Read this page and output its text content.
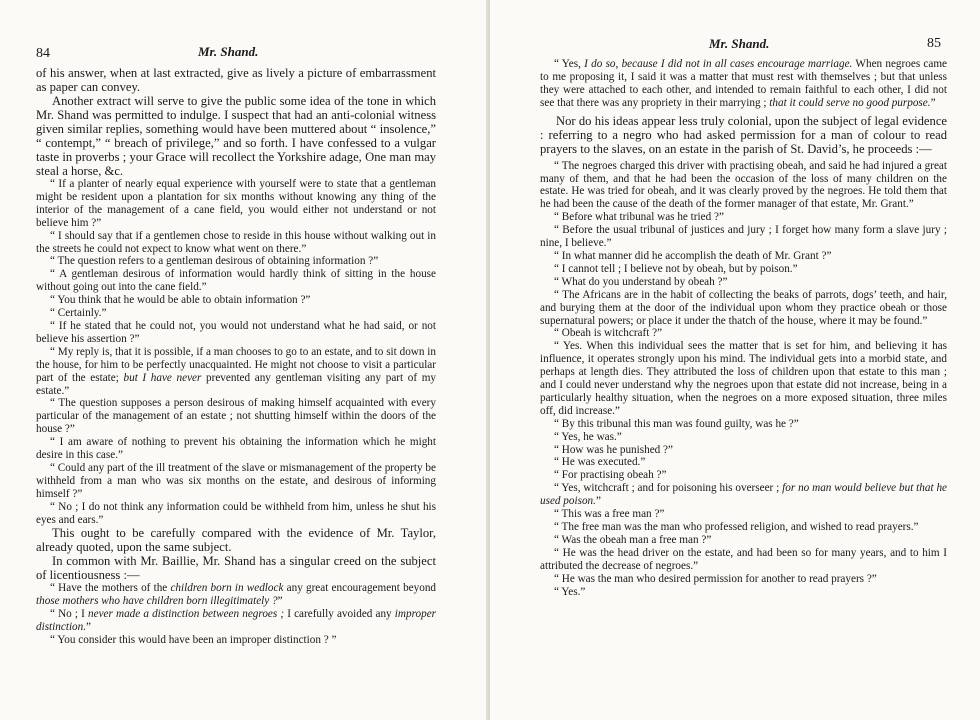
84	Mr. Shand.

of his answer, when at last extracted, give as lively a picture of embarrassment as paper can convey.

Another extract will serve to give the public some idea of the tone in which Mr. Shand was permitted to indulge. I suspect that had an anti-colonial witness given similar replies, something would have been muttered about “ insolence,” “ contempt,” “ breach of privilege,” and so forth. I have confessed to a vulgar taste in proverbs ; your Grace will recollect the Yorkshire adage, One man may steal a horse, &c.

“ If a planter of nearly equal experience with yourself were to state that a gentleman might be resident upon a plantation for six months without knowing any thing of the interior of the management of a cane field, you would either not understand or not believe him ?”

“ I should say that if a gentlemen chose to reside in this house without walking out in the streets he could not expect to know what went on there.”

“ The question refers to a gentleman desirous of obtaining information ?”

“ A gentleman desirous of information would hardly think of sitting in the house without going out into the cane field.”

“ You think that he would be able to obtain information ?”

“ Certainly.”

“ If he stated that he could not, you would not understand what he had said, or not believe his assertion ?”

“ My reply is, that it is possible, if a man chooses to go to an estate, and to sit down in the house, for him to be perfectly unacquainted. He might not choose to visit a particular part of the estate; but I have never prevented any gentleman visiting any part of my estate.”

“ The question supposes a person desirous of making himself acquainted with every particular of the management of an estate ; not shutting himself within the doors of the house ?”

“ I am aware of nothing to prevent his obtaining the information which he might desire in this case.”

“ Could any part of the ill treatment of the slave or mismanagement of the property be withheld from a man who was six months on the estate, and desirous of informing himself ?”

“ No ; I do not think any information could be withheld from him, unless he shut his eyes and ears.”

This ought to be carefully compared with the evidence of Mr. Taylor, already quoted, upon the same subject.

In common with Mr. Baillie, Mr. Shand has a singular creed on the subject of licentiousness :—

“ Have the mothers of the children born in wedlock any great encouragement beyond those mothers who have children born illegitimately ?”

“ No ; I never made a distinction between negroes ; I carefully avoided any improper distinction.”

“ You consider this would have been an improper distinction ? ”

Mr. Shand.	85

“ Yes, I do so, because I did not in all cases encourage marriage. When negroes came to me proposing it, I said it was a matter that must rest with themselves ; but that unless they were attached to each other, and intended to remain faithful to each other, I did not see that there was any propriety in their marrying ; that it could serve no good purpose.”

Nor do his ideas appear less truly colonial, upon the subject of legal evidence : referring to a negro who had asked permission for a man of colour to read prayers to the slaves, on an estate in the parish of St. David’s, he proceeds :—

“ The negroes charged this driver with practising obeah, and said he had injured a great many of them, and that he had been the occasion of the loss of many children on the estate. He was tried for obeah, and it was clearly proved by the negroes. He told them that he had been the cause of the death of the former manager of that estate, Mr. Grant.”

“ Before what tribunal was he tried ?”

“ Before the usual tribunal of justices and jury ; I forget how many form a slave jury ; nine, I believe.”

“ In what manner did he accomplish the death of Mr. Grant ?”

“ I cannot tell ; I believe not by obeah, but by poison.”

“ What do you understand by obeah ?”

“ The Africans are in the habit of collecting the beaks of parrots, dogs’ teeth, and hair, and burying them at the door of the individual upon whom they practice obeah or those supernatural powers; or place it under the thatch of the house, where it may be found.”

“ Obeah is witchcraft ?”

“ Yes. When this individual sees the matter that is set for him, and believing it has influence, it operates strongly upon his mind. The individual gets into a morbid state, and perhaps at length dies. They attributed the loss of children upon that estate to this man ; and I could never understand why the negroes upon that estate did not increase, being in a particularly healthy situation, when the negroes on a more exposed situation, three miles off, did increase.”

“ By this tribunal this man was found guilty, was he ?”

“ Yes, he was.”

“ How was he punished ?”

“ He was executed.”

“ For practising obeah ?”

“ Yes, witchcraft ; and for poisoning his overseer ; for no man would believe but that he used poison.”

“ This was a free man ?”

“ The free man was the man who professed religion, and wished to read prayers.”

“ Was the obeah man a free man ?”

“ He was the head driver on the estate, and had been so for many years, and to him I attributed the decrease of negroes.”

“ He was the man who desired permission for another to read prayers ?”

“ Yes.”
